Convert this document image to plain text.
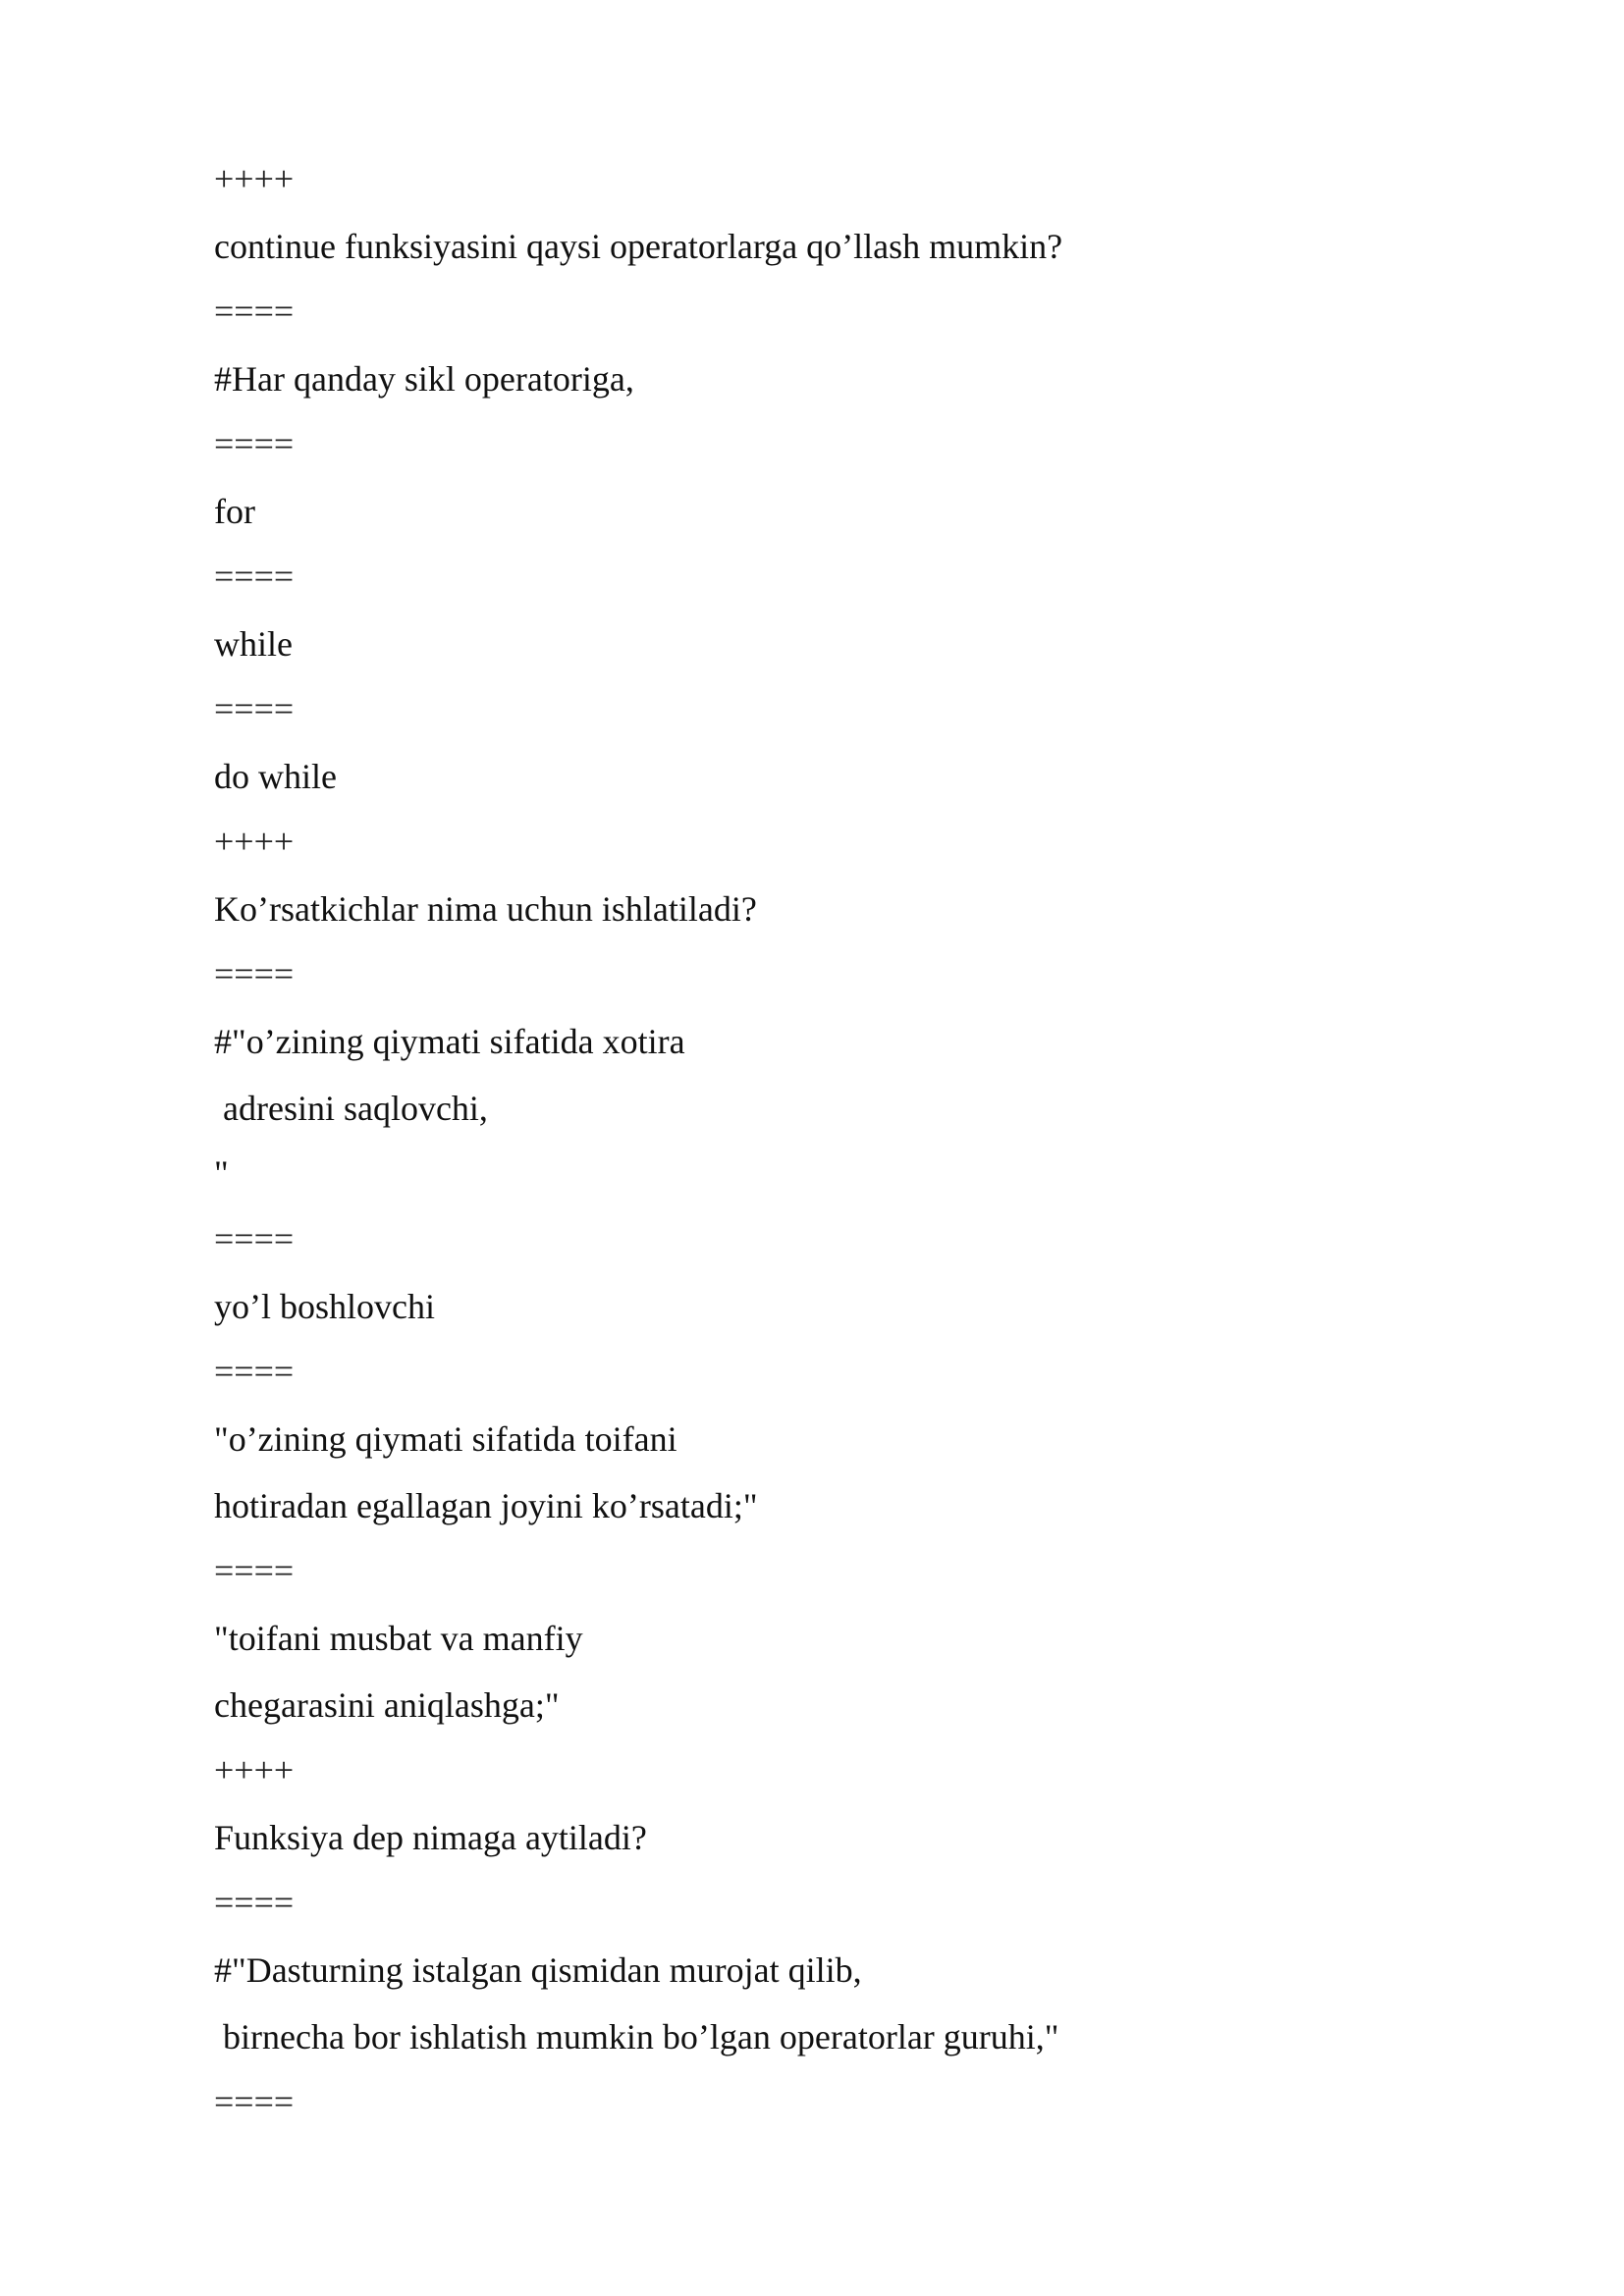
++++
continue funksiyasini qaysi operatorlarga qo’llash mumkin?
====
#Har qanday sikl operatoriga,
====
for
====
while
====
do while
++++
Ko’rsatkichlar nima uchun ishlatiladi?
====
#"o’zining qiymati sifatida xotira
adresini saqlovchi,
"
====
yo’l boshlovchi
====
"o’zining qiymati sifatida toifani
hotiradan egallagan joyini ko’rsatadi;"
====
"toifani musbat va manfiy
chegarasini aniqlashga;"
++++
Funksiya dep nimaga aytiladi?
====
#"Dasturning istalgan qismidan murojat qilib,
birnecha bor ishlatish mumkin bo’lgan operatorlar guruhi,"
====
